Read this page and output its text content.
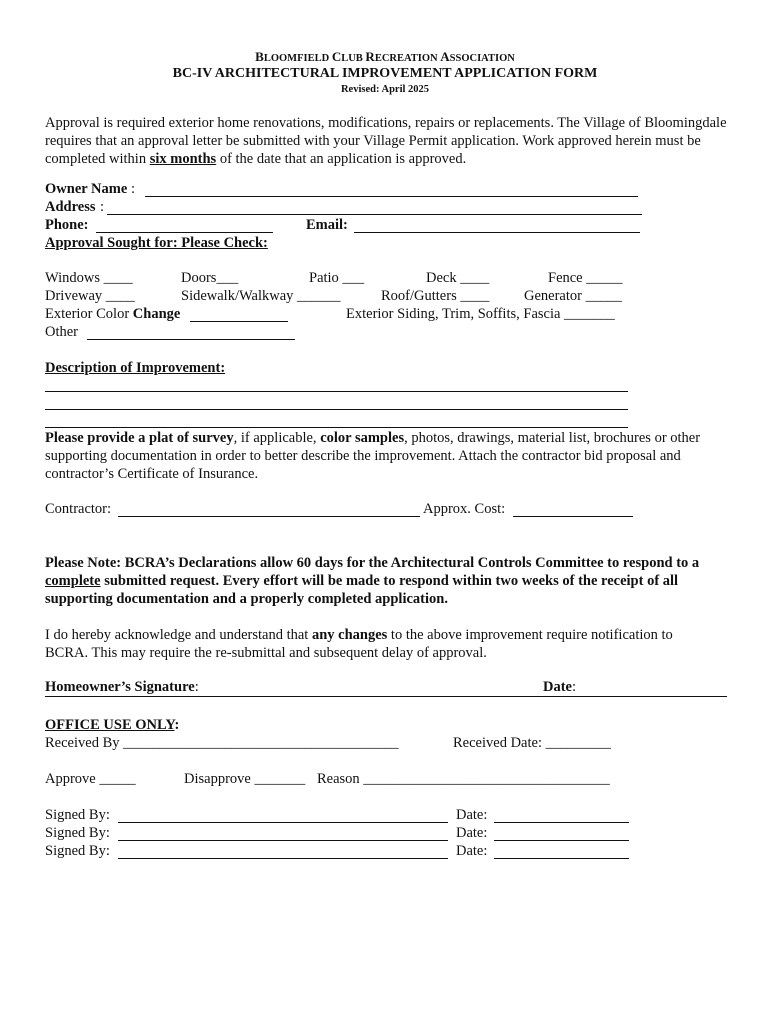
BLOOMFIELD CLUB RECREATION ASSOCIATION
BC-IV ARCHITECTURAL IMPROVEMENT APPLICATION FORM
Revised: April 2025
Approval is required exterior home renovations, modifications, repairs or replacements. The Village of Bloomingdale requires that an approval letter be submitted with your Village Permit application. Work approved herein must be completed within six months of the date that an application is approved.
Owner Name :
Address :
Phone:	Email:
Approval Sought for: Please Check:
Windows ____	Doors___	Patio ___	Deck ____	Fence _____
Driveway ____	Sidewalk/Walkway ______	Roof/Gutters ____ Generator _____
Exterior Color Change	Exterior Siding, Trim, Soffits, Fascia _______
Other
Description of Improvement:
Please provide a plat of survey, if applicable, color samples, photos, drawings, material list, brochures or other supporting documentation in order to better describe the improvement. Attach the contractor bid proposal and contractor’s Certificate of Insurance.
Contractor:	Approx. Cost:
Please Note: BCRA’s Declarations allow 60 days for the Architectural Controls Committee to respond to a complete submitted request. Every effort will be made to respond within two weeks of the receipt of all supporting documentation and a properly completed application.
I do hereby acknowledge and understand that any changes to the above improvement require notification to BCRA. This may require the re-submittal and subsequent delay of approval.
Homeowner’s Signature:	Date:
OFFICE USE ONLY:
Received By ______________________________________	Received Date: _________
Approve _____	Disapprove _______ Reason __________________________________
Signed By:	Date:
Signed By:	Date:
Signed By:	Date:
